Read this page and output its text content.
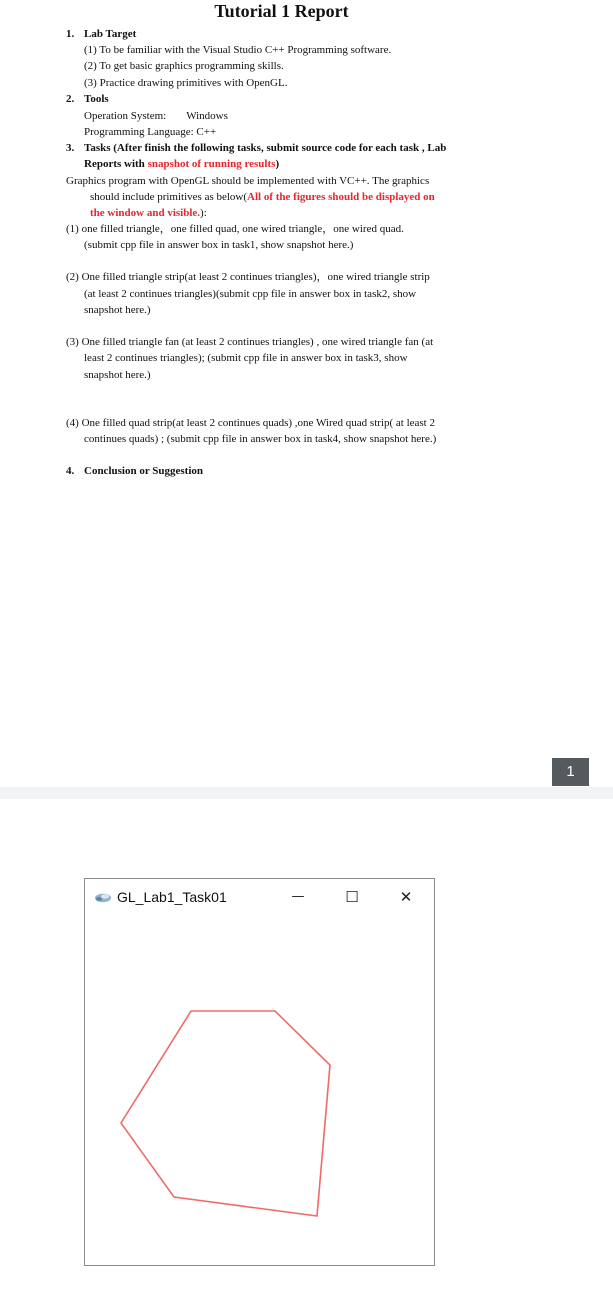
Tutorial 1 Report
1. Lab Target
(1) To be familiar with the Visual Studio C++ Programming software.
(2) To get basic graphics programming skills.
(3) Practice drawing primitives with OpenGL.
2. Tools
Operation System: Windows
Programming Language: C++
3. Tasks (After finish the following tasks, submit source code for each task , Lab
Reports with snapshot of running results)
Graphics program with OpenGL should be implemented with VC++. The graphics
should include primitives as below(All of the figures should be displayed on
the window and visible.):
(1) one filled triangle，one filled quad, one wired triangle，one wired quad.
(submit cpp file in answer box in task1, show snapshot here.)
(2) One filled triangle strip(at least 2 continues triangles)，one wired triangle strip
(at least 2 continues triangles)(submit cpp file in answer box in task2, show
snapshot here.)
(3) One filled triangle fan (at least 2 continues triangles) , one wired triangle fan (at
least 2 continues triangles); (submit cpp file in answer box in task3, show
snapshot here.)
(4) One filled quad strip(at least 2 continues quads) ,one Wired quad strip( at least 2
continues quads) ; (submit cpp file in answer box in task4, show snapshot here.)
4. Conclusion or Suggestion
1
GL_Lab1_Task01	—	☐	✕
